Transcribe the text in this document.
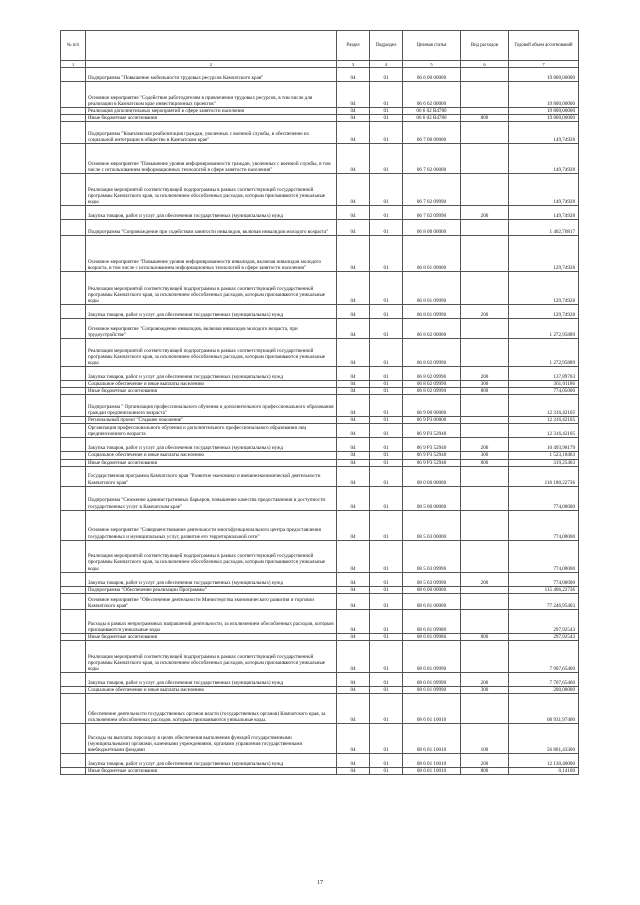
№ п/п		Раздел	Подраздел	Целевая статья	Вид расходов	Годовой объем ассигнований
1	2	3	4	5	6	7
	Подпрограмма "Повышение мобильности трудовых ресурсов Камчатского края"	04	01	06 6 00 00000		19 800,00000
	Основное мероприятие "Содействие работодателям в привлечении трудовых ресурсов, в том числе для реализации в Камчатском крае инвестиционных проектов"	04	01	06 6 02 00000		19 800,00000
	Реализация дополнительных мероприятий в сфере занятости населения	04	01	06 6 02 R4780		19 800,00000
	Иные бюджетные ассигнования	04	01	06 6 02 R4780	800	19 800,00000
	Подпрограмма "Комплексная реабилитация граждан, уволенных с военной службы, в обеспечение их социальной интеграции в общество в Камчатском крае"	04	01	06 7 00 00000		149,74928
	Основное мероприятие "Повышение уровня информированности граждан, уволенных с военной службы, в том числе с использованием информационных технологий в сфере занятости населения"	04	01	06 7 02 00000		149,74928
	Реализация мероприятий соответствующей подпрограммы в рамках соответствующей государственной программы Камчатского края, за исключением обособленных расходов, которым присваиваются уникальные коды	04	01	06 7 02 09990		149,74928
	Закупка товаров, работ и услуг для обеспечения государственных (муниципальных) нужд	04	01	06 7 02 09990	200	149,74928
	Подпрограмма "Сопровождение при содействии занятости инвалидов, включая инвалидов молодого возраста"	04	01	06 8 00 00000		1 402,70817
	Основное мероприятие "Повышение уровня информированности инвалидов, включая инвалидов молодого возраста, в том числе с использованием информационных технологий в сфере занятости населения"	04	01	06 8 01 00000		129,74928
	Реализация мероприятий соответствующей подпрограммы в рамках соответствующей государственной программы Камчатского края, за исключением обособленных расходов, которым присваиваются уникальные коды	04	01	06 8 01 09990		129,74928
	Закупка товаров, работ и услуг для обеспечения государственных (муниципальных) нужд	04	01	06 8 01 09990	200	129,74928
	Основное мероприятие "Сопровождение инвалидов, включая инвалидов молодого возраста, при трудоустройстве"	04	01	06 8 02 00000		1 272,95889
	Реализация мероприятий соответствующей подпрограммы в рамках соответствующей государственной программы Камчатского края, за исключением обособленных расходов, которым присваиваются уникальные коды	04	01	06 8 02 09990		1 272,95889
	Закупка товаров, работ и услуг для обеспечения государственных (муниципальных) нужд	04	01	06 8 02 09990	200	137,89703
	Социальное обеспечение и иные выплаты населению	04	01	06 8 02 09990	300	361,01186
	Иные бюджетные ассигнования	04	01	06 8 02 09990	800	774,05000
	Подпрограмма " Организация профессионального обучения и дополнительного профессионального образования граждан предпенсионного возраста"	04	01	06 9 00 00000		12 316,42105
	Региональный проект "Старшее поколение"	04	01	06 9 P3 00000		12 316,42105
	Организация профессионального обучения и дополнительного профессионального образования лиц предпенсионного возраста	04	01	06 9 P3 52940		12 316,42105
	Закупка товаров, работ и услуг для обеспечения государственных (муниципальных) нужд	04	01	06 9 P3 52940	200	10 493,98179
	Социальное обеспечение и иные выплаты населению	04	01	06 9 P3 52940	300	1 523,18463
	Иные бюджетные ассигнования	04	01	06 9 P3 52940	800	319,25463
	Государственная программа Камчатского края "Развитие экономики и внешнеэкономической деятельности Камчатского края"	04	01	08 0 00 00000		116 180,22736
	Подпрограмма "Снижение административных барьеров, повышение качества предоставления и доступности государственных услуг в Камчатском крае"	04	01	08 5 00 00000		774,00000
	Основное мероприятие "Совершенствование деятельности многофункционального центра предоставления государственных и муниципальных услуг, развитие его территориальной сети"	04	01	08 5 03 00000		774,00000
	Реализация мероприятий соответствующей подпрограммы в рамках соответствующей государственной программы Камчатского края, за исключением обособленных расходов, которым присваиваются уникальные коды	04	01	08 5 03 09990		774,00000
	Закупка товаров, работ и услуг для обеспечения государственных (муниципальных) нужд	04	01	08 5 03 09990	200	774,00000
	Подпрограмма "Обеспечение реализации Программы"	04	01	08 6 00 00000		115 406,22736
	Основное мероприятие "Обеспечение деятельности Министерства экономического развития и торговли Камчатского края"	04	01	08 6 01 00000		77 246,95403
	Расходы в рамках непрограммных направлений деятельности, за исключением обособленных расходов, которым присваиваются уникальные коды	04	01	08 6 01 09980		297,92543
	Иные бюджетные ассигнования	04	01	08 6 01 09980	800	297,92543
	Реализация мероприятий соответствующей подпрограммы в рамках соответствующей государственной программы Камчатского края, за исключением обособленных расходов, которым присваиваются уникальные коды	04	01	08 6 01 09990		7 907,65460
	Закупка товаров, работ и услуг для обеспечения государственных (муниципальных) нужд	04	01	08 6 01 09990	200	7 707,65460
	Социальное обеспечение и иные выплаты населению	04	01	08 6 01 09990	300	200,00000
	Обеспечение деятельности государственных органов власти (государственных органов) Камчатского края, за исключением обособленных расходов, которым присваиваются уникальные коды.	04	01	08 6 01 10010		68 931,97400
	Расходы на выплаты персоналу в целях обеспечения выполнения функций государственными (муниципальными) органами, казенными учреждениями, органами управления государственными внебюджетными фондами	04	01	08 6 01 10010	100	56 801,43300
	Закупка товаров, работ и услуг для обеспечения государственных (муниципальных) нужд	04	01	08 6 01 10010	200	12 130,40000
	Иные бюджетные ассигнования	04	01	08 6 01 10010	800	0,14100
17
